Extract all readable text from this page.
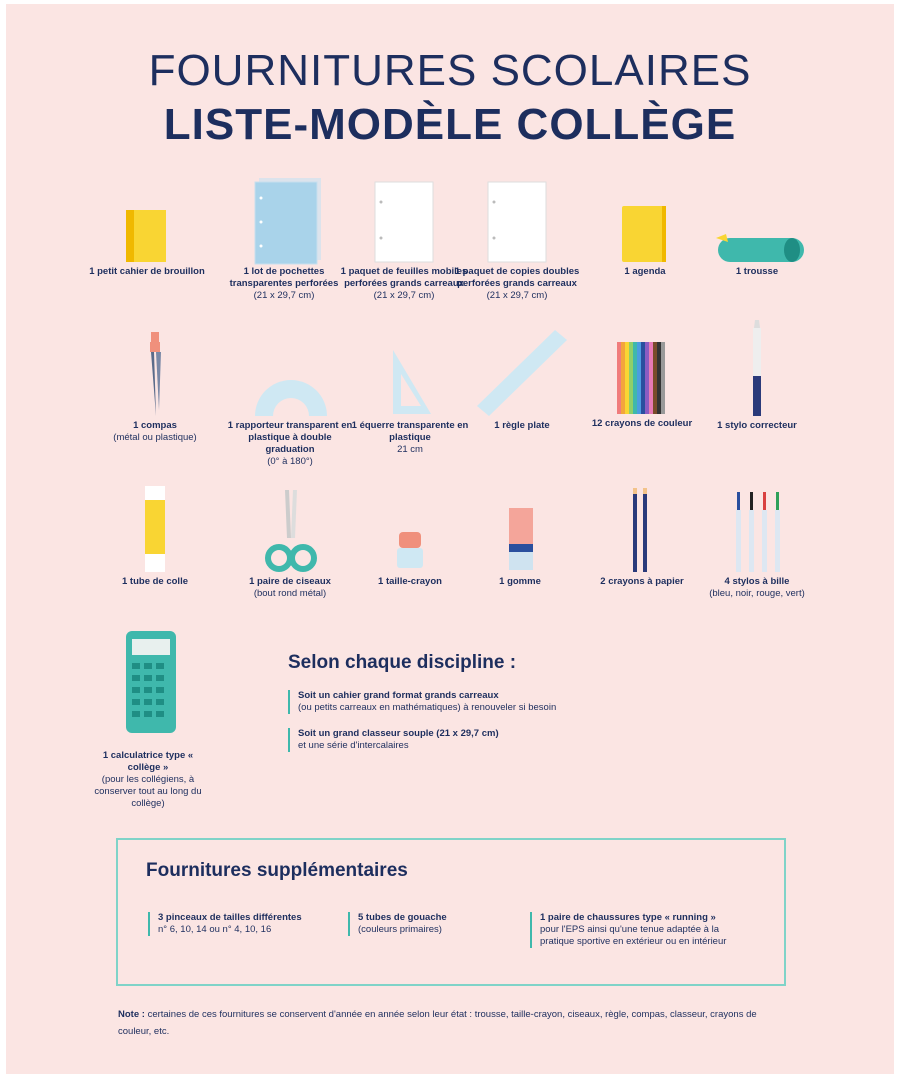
FOURNITURES SCOLAIRES
LISTE-MODÈLE COLLÈGE
1 petit cahier de brouillon	1 lot de pochettes transparentes perforées
(21 x 29,7 cm)
1 paquet de feuilles mobiles perforées grands carreaux
(21 x 29,7 cm)
1 paquet de copies doubles perforées grands carreaux
(21 x 29,7 cm)
1 agenda	1 trousse
1 compas
(métal ou plastique)
1 rapporteur transparent en plastique à double graduation
(0° à 180°)
1 équerre transparente en plastique
21 cm
1 règle plate	12 crayons de couleur	1 stylo correcteur
1 tube de colle	1 paire de ciseaux
(bout rond métal)
1 taille-crayon	1 gomme	2 crayons à papier	4 stylos à bille
(bleu, noir, rouge, vert)
1 calculatrice type « collège »
(pour les collégiens, à conserver tout au long du collège)
Selon chaque discipline :
Soit un cahier grand format grands carreaux
(ou petits carreaux en mathématiques) à renouveler si besoin
Soit un grand classeur souple (21 x 29,7 cm)
et une série d'intercalaires
Fournitures supplémentaires
3 pinceaux de tailles différentes
n° 6, 10, 14 ou n° 4, 10, 16
5 tubes de gouache
(couleurs primaires)
1 paire de chaussures type « running »
pour l'EPS ainsi qu'une tenue adaptée à la pratique sportive en extérieur ou en intérieur
Note : certaines de ces fournitures se conservent d'année en année selon leur état : trousse, taille-crayon, ciseaux, règle, compas, classeur, crayons de couleur, etc.
